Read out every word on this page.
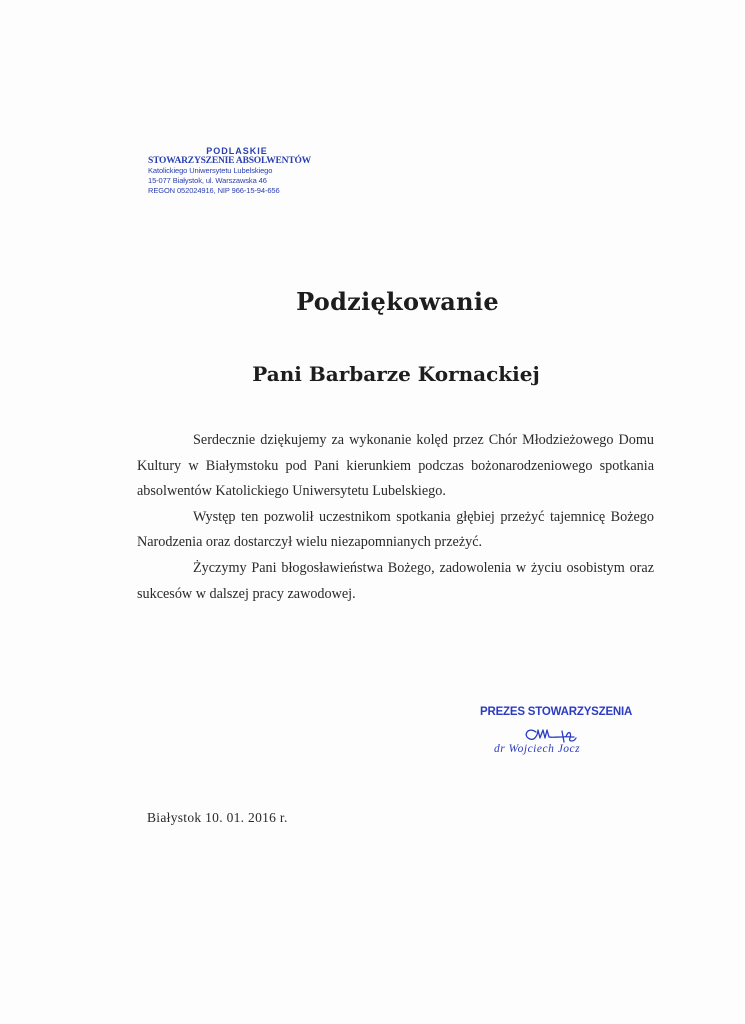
PODLASKIE
STOWARZYSZENIE ABSOLWENTÓW
Katolickiego Uniwersytetu Lubelskiego
15-077 Białystok, ul. Warszawska 46
REGON 052024916, NIP 966-15-94-656
Podziękowanie
Pani Barbarze Kornackiej

Serdecznie dziękujemy za wykonanie kolęd przez Chór Młodzieżowego Domu Kultury w Białymstoku pod Pani kierunkiem podczas bożonarodzeniowego spotkania absolwentów Katolickiego Uniwersytetu Lubelskiego.

Występ ten pozwolił uczestnikom spotkania głębiej przeżyć tajemnicę Bożego Narodzenia oraz dostarczył wielu niezapomnianych przeżyć.

Życzymy Pani błogosławieństwa Bożego, zadowolenia w życiu osobistym oraz sukcesów w dalszej pracy zawodowej.

PREZES STOWARZYSZENIA
dr Wojciech Jocz
Białystok 10. 01. 2016 r.
